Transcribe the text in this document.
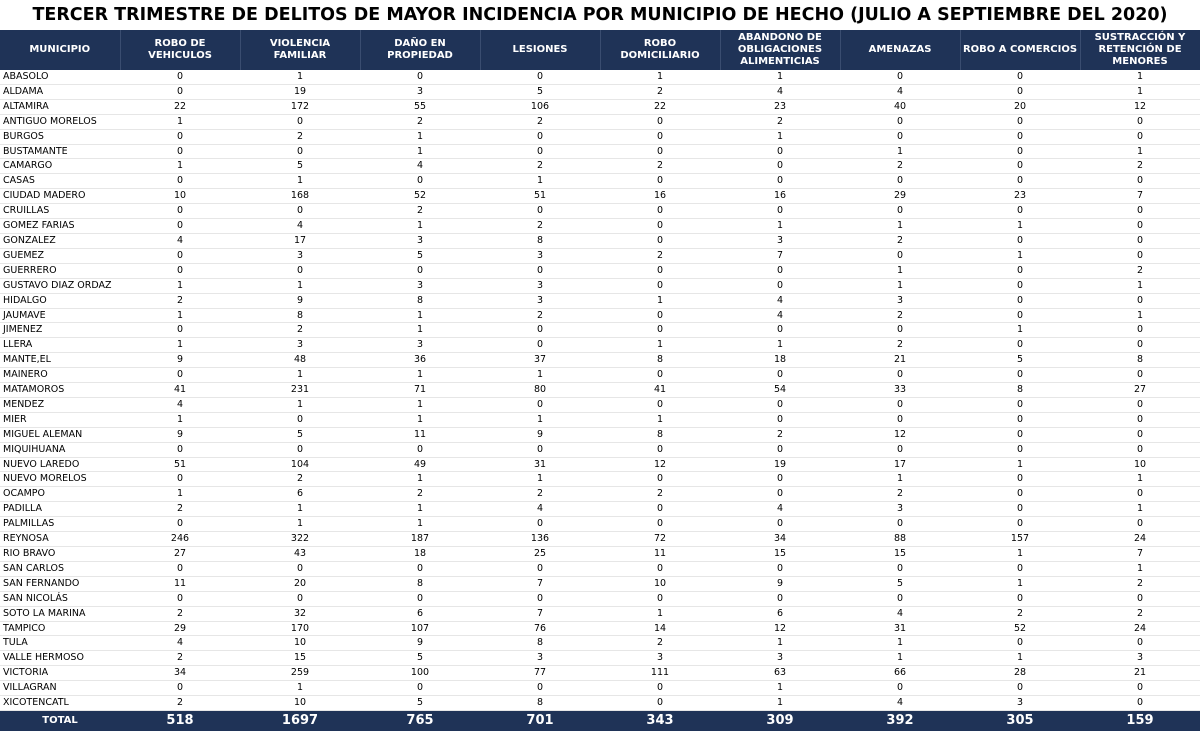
TERCER TRIMESTRE DE DELITOS DE MAYOR INCIDENCIA POR MUNICIPIO DE HECHO (JULIO A SEPTIEMBRE DEL 2020)
MUNICIPIO	ROBO DE VEHICULOS	VIOLENCIA FAMILIAR	DAÑO EN PROPIEDAD	LESIONES	ROBO DOMICILIARIO	ABANDONO DE OBLIGACIONES ALIMENTICIAS	AMENAZAS	ROBO A COMERCIOS	SUSTRACCIÓN Y RETENCIÓN DE MENORES
ABASOLO	0	1	0	0	1	1	0	0	1
ALDAMA	0	19	3	5	2	4	4	0	1
ALTAMIRA	22	172	55	106	22	23	40	20	12
ANTIGUO MORELOS	1	0	2	2	0	2	0	0	0
BURGOS	0	2	1	0	0	1	0	0	0
BUSTAMANTE	0	0	1	0	0	0	1	0	1
CAMARGO	1	5	4	2	2	0	2	0	2
CASAS	0	1	0	1	0	0	0	0	0
CIUDAD MADERO	10	168	52	51	16	16	29	23	7
CRUILLAS	0	0	2	0	0	0	0	0	0
GOMEZ FARIAS	0	4	1	2	0	1	1	1	0
GONZALEZ	4	17	3	8	0	3	2	0	0
GUEMEZ	0	3	5	3	2	7	0	1	0
GUERRERO	0	0	0	0	0	0	1	0	2
GUSTAVO DIAZ ORDAZ	1	1	3	3	0	0	1	0	1
HIDALGO	2	9	8	3	1	4	3	0	0
JAUMAVE	1	8	1	2	0	4	2	0	1
JIMENEZ	0	2	1	0	0	0	0	1	0
LLERA	1	3	3	0	1	1	2	0	0
MANTE,EL	9	48	36	37	8	18	21	5	8
MAINERO	0	1	1	1	0	0	0	0	0
MATAMOROS	41	231	71	80	41	54	33	8	27
MENDEZ	4	1	1	0	0	0	0	0	0
MIER	1	0	1	1	1	0	0	0	0
MIGUEL ALEMAN	9	5	11	9	8	2	12	0	0
MIQUIHUANA	0	0	0	0	0	0	0	0	0
NUEVO LAREDO	51	104	49	31	12	19	17	1	10
NUEVO MORELOS	0	2	1	1	0	0	1	0	1
OCAMPO	1	6	2	2	2	0	2	0	0
PADILLA	2	1	1	4	0	4	3	0	1
PALMILLAS	0	1	1	0	0	0	0	0	0
REYNOSA	246	322	187	136	72	34	88	157	24
RIO BRAVO	27	43	18	25	11	15	15	1	7
SAN CARLOS	0	0	0	0	0	0	0	0	1
SAN FERNANDO	11	20	8	7	10	9	5	1	2
SAN NICOLÁS	0	0	0	0	0	0	0	0	0
SOTO LA MARINA	2	32	6	7	1	6	4	2	2
TAMPICO	29	170	107	76	14	12	31	52	24
TULA	4	10	9	8	2	1	1	0	0
VALLE HERMOSO	2	15	5	3	3	3	1	1	3
VICTORIA	34	259	100	77	111	63	66	28	21
VILLAGRAN	0	1	0	0	0	1	0	0	0
XICOTENCATL	2	10	5	8	0	1	4	3	0
TOTAL	518	1697	765	701	343	309	392	305	159
